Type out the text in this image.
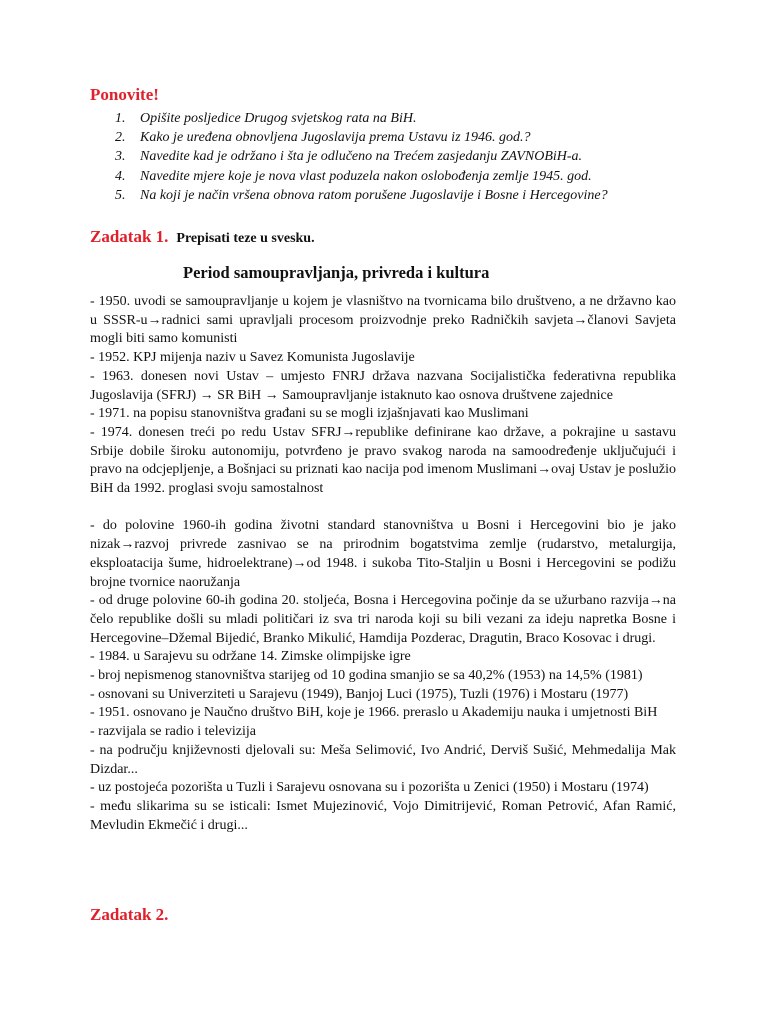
Ponovite!
1.	Opišite posljedice Drugog svjetskog rata na BiH.
2.	Kako je uređena obnovljena Jugoslavija prema Ustavu iz 1946. god.?
3.	Navedite kad je održano i šta je odlučeno na Trećem zasjedanju ZAVNOBiH-a.
4.	Navedite mjere koje je nova vlast poduzela nakon oslobođenja zemlje 1945. god.
5.	Na koji je način vršena obnova ratom porušene Jugoslavije i Bosne i Hercegovine?
Zadatak 1. Prepisati teze u svesku.
Period samoupravljanja, privreda i kultura

- 1950. uvodi se samoupravljanje u kojem je vlasništvo na tvornicama bilo društveno, a ne državno kao u SSSR-u→radnici sami upravljali procesom proizvodnje preko Radničkih savjeta→članovi Savjeta mogli biti samo komunisti

- 1952. KPJ mijenja naziv u Savez Komunista Jugoslavije

- 1963. donesen novi Ustav – umjesto FNRJ država nazvana Socijalistička federativna republika Jugoslavija (SFRJ) → SR BiH → Samoupravljanje istaknuto kao osnova društvene zajednice

- 1971. na popisu stanovništva građani su se mogli izjašnjavati kao Muslimani

- 1974. donesen treći po redu Ustav SFRJ→republike definirane kao države, a pokrajine u sastavu Srbije dobile široku autonomiju, potvrđeno je pravo svakog naroda na samoodređenje uključujući i pravo na odcjepljenje, a Bošnjaci su priznati kao nacija pod imenom Muslimani→ovaj Ustav je poslužio BiH da 1992. proglasi svoju samostalnost

- do polovine 1960-ih godina životni standard stanovništva u Bosni i Hercegovini bio je jako nizak→razvoj privrede zasnivao se na prirodnim bogatstvima zemlje (rudarstvo, metalurgija, eksploatacija šume, hidroelektrane)→od 1948. i sukoba Tito-Staljin u Bosni i Hercegovini se podižu brojne tvornice naoružanja

- od druge polovine 60-ih godina 20. stoljeća, Bosna i Hercegovina počinje da se užurbano razvija→na čelo republike došli su mladi političari iz sva tri naroda koji su bili vezani za ideju napretka Bosne i Hercegovine–Džemal Bijedić, Branko Mikulić, Hamdija Pozderac, Dragutin, Braco Kosovac i drugi.

- 1984. u Sarajevu su održane 14. Zimske olimpijske igre

- broj nepismenog stanovništva starijeg od 10 godina smanjio se sa 40,2% (1953) na 14,5% (1981)

- osnovani su Univerziteti u Sarajevu (1949), Banjoj Luci (1975), Tuzli (1976) i Mostaru (1977)

- 1951. osnovano je Naučno društvo BiH, koje je 1966. preraslo u Akademiju nauka i umjetnosti BiH

- razvijala se radio i televizija

- na području književnosti djelovali su: Meša Selimović, Ivo Andrić, Derviš Sušić, Mehmedalija Mak Dizdar...

- uz postojeća pozorišta u Tuzli i Sarajevu osnovana su i pozorišta u Zenici (1950) i Mostaru (1974)

- među slikarima su se isticali: Ismet Mujezinović, Vojo Dimitrijević, Roman Petrović, Afan Ramić, Mevludin Ekmečić i drugi...

Zadatak 2.
